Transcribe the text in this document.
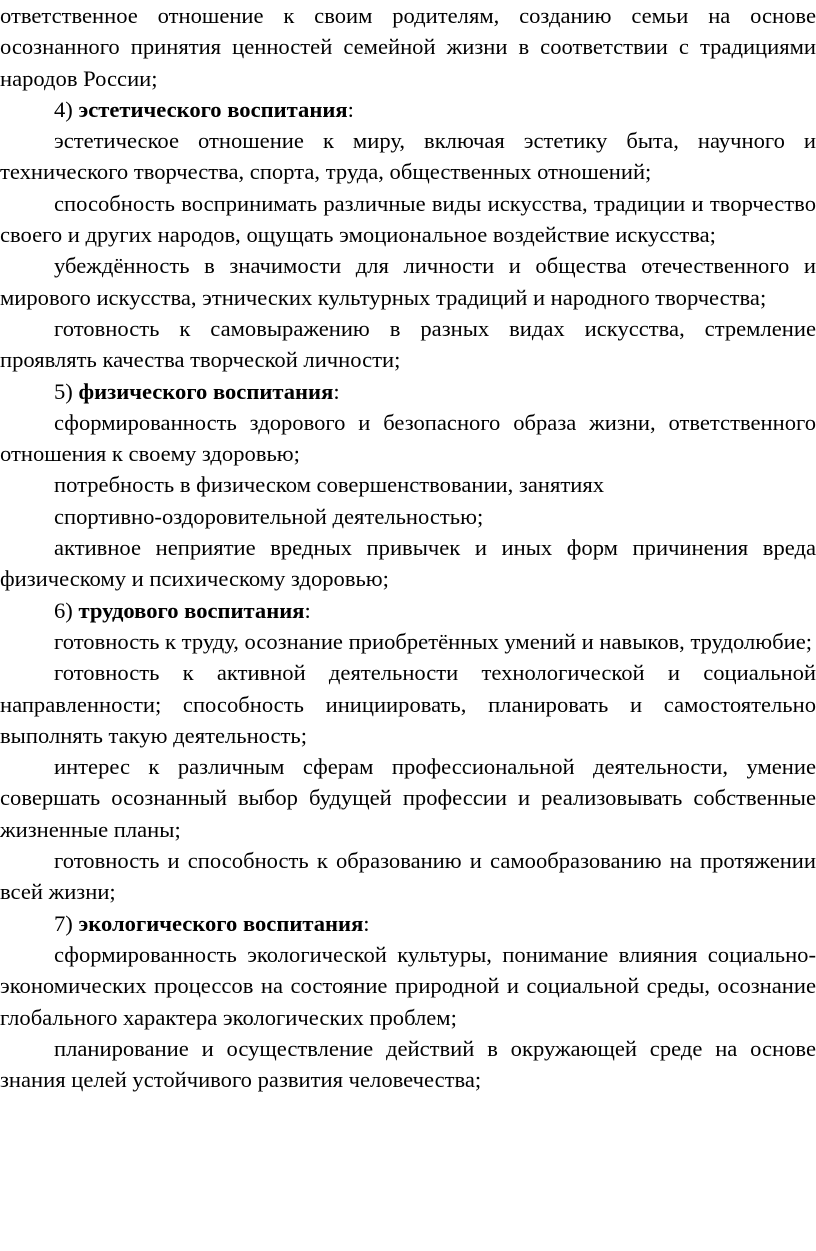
ответственное отношение к своим родителям, созданию семьи на основе осознанного принятия ценностей семейной жизни в соответствии с традициями народов России;

4) эстетического воспитания:

эстетическое отношение к миру, включая эстетику быта, научного и технического творчества, спорта, труда, общественных отношений;

способность воспринимать различные виды искусства, традиции и творчество своего и других народов, ощущать эмоциональное воздействие искусства;

убеждённость в значимости для личности и общества отечественного и мирового искусства, этнических культурных традиций и народного творчества;

готовность к самовыражению в разных видах искусства, стремление проявлять качества творческой личности;

5) физического воспитания:

сформированность здорового и безопасного образа жизни, ответственного отношения к своему здоровью;

потребность в физическом совершенствовании, занятиях

спортивно-оздоровительной деятельностью;

активное неприятие вредных привычек и иных форм причинения вреда физическому и психическому здоровью;

6) трудового воспитания:

готовность к труду, осознание приобретённых умений и навыков, трудолюбие;

готовность к активной деятельности технологической и социальной направленности; способность инициировать, планировать и самостоятельно выполнять такую деятельность;

интерес к различным сферам профессиональной деятельности, умение совершать осознанный выбор будущей профессии и реализовывать собственные жизненные планы;

готовность и способность к образованию и самообразованию на протяжении всей жизни;

7) экологического воспитания:

сформированность экологической культуры, понимание влияния социально-экономических процессов на состояние природной и социальной среды, осознание глобального характера экологических проблем;

планирование и осуществление действий в окружающей среде на основе знания целей устойчивого развития человечества;
